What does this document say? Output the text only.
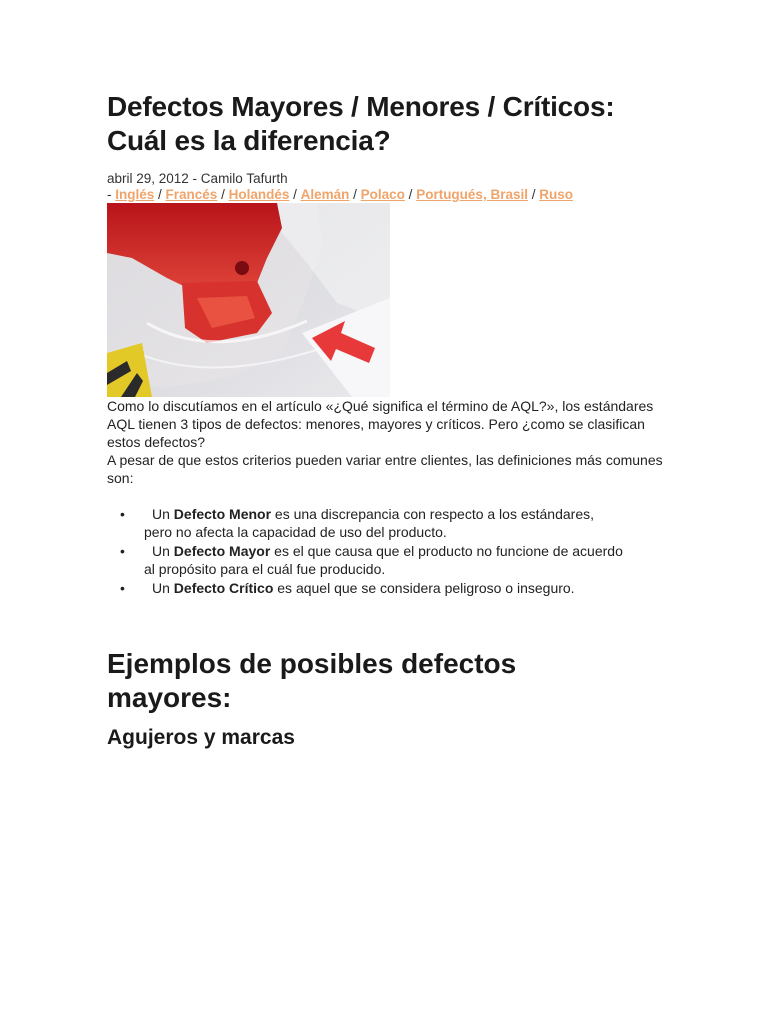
Defectos Mayores / Menores / Críticos:
Cuál es la diferencia?
abril 29, 2012 - Camilo Tafurth
- Inglés / Francés / Holandés / Alemán / Polaco / Portugués, Brasil / Ruso

Como lo discutíamos en el artículo «¿Qué significa el término de AQL?», los estándares AQL tienen 3 tipos de defectos: menores, mayores y críticos. Pero ¿como se clasifican estos defectos?

A pesar de que estos criterios pueden variar entre clientes, las definiciones más comunes son:

• Un Defecto Menor es una discrepancia con respecto a los estándares,
pero no afecta la capacidad de uso del producto.
• Un Defecto Mayor es el que causa que el producto no funcione de acuerdo
al propósito para el cuál fue producido.
• Un Defecto Crítico es aquel que se considera peligroso o inseguro.
Ejemplos de posibles defectos
mayores:
Agujeros y marcas
